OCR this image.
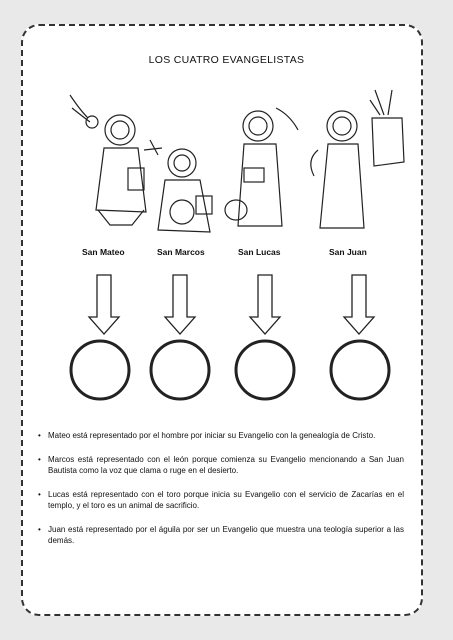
LOS CUATRO EVANGELISTAS
San Mateo	San Marcos	San Lucas	San Juan
• Mateo está representado por el hombre por iniciar su Evangelio con la genealogía de Cristo.
• Marcos está representado con el león porque comienza su Evangelio mencionando a San Juan Bautista como la voz que clama o ruge en el desierto.
• Lucas está representado con el toro porque inicia su Evangelio con el servicio de Zacarías en el templo, y el toro es un animal de sacrificio.
• Juan está representado por el águila por ser un Evangelio que muestra una teología superior a las demás.
